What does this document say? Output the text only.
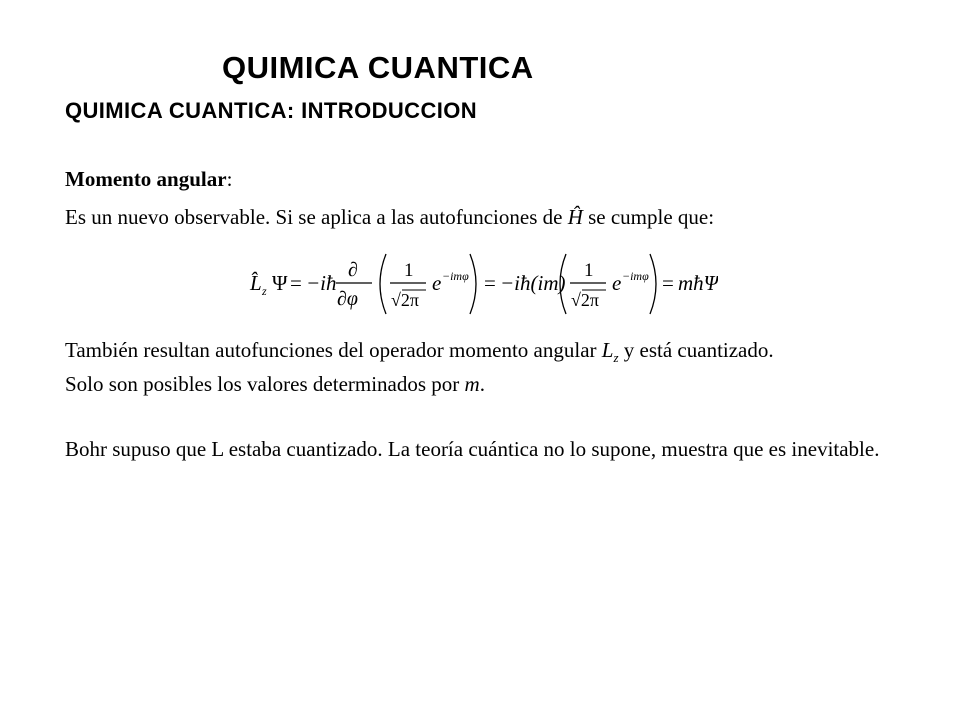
QUIMICA CUANTICA
QUIMICA CUANTICA: INTRODUCCION

Momento angular:

Es un nuevo observable. Si se aplica a las autofunciones de Ĥ se cumple que:

L̂ z Ψ = −iħ
∂
∂φ
1
√2π
e −imφ = −iħ(im)
1
√2π
e −imφ = mħΨ

También resultan autofunciones del operador momento angular $L_z$ y está cuantizado.
Solo son posibles los valores determinados por m.

Bohr supuso que L estaba cuantizado. La teoría cuántica no lo supone, muestra que es inevitable.
